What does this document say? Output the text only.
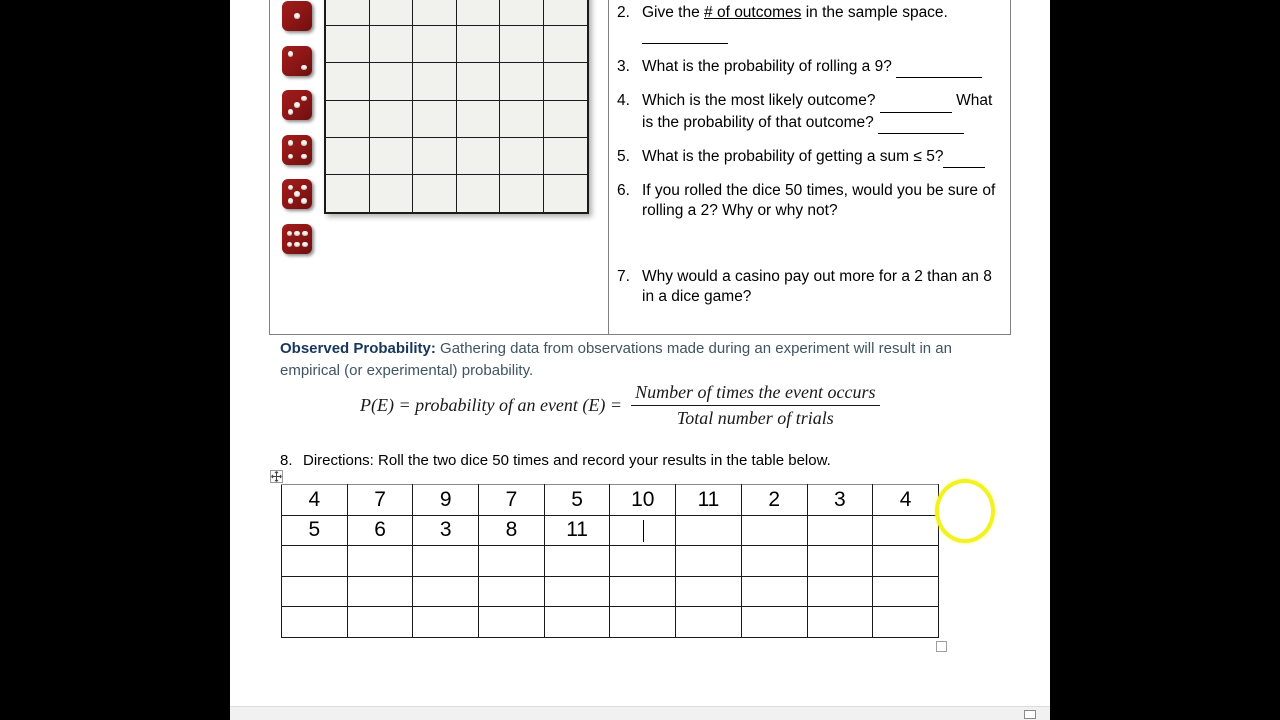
2. Give the # of outcomes in the sample space.
3. What is the probability of rolling a 9?
4. Which is the most likely outcome?	What is the probability of that outcome?
5. What is the probability of getting a sum ≤ 5?
6. If you rolled the dice 50 times, would you be sure of rolling a 2? Why or why not?
7. Why would a casino pay out more for a 2 than an 8 in a dice game?
Observed Probability: Gathering data from observations made during an experiment will result in an empirical (or experimental) probability.
P(E) = probability of an event $(E) = \frac{\text{Number of times the event occurs}}{\text{Total number of trials}}$
8. Directions: Roll the two dice 50 times and record your results in the table below.
4	7	9	7	5	10	11	2	3	4
5	6	3	8	11	
